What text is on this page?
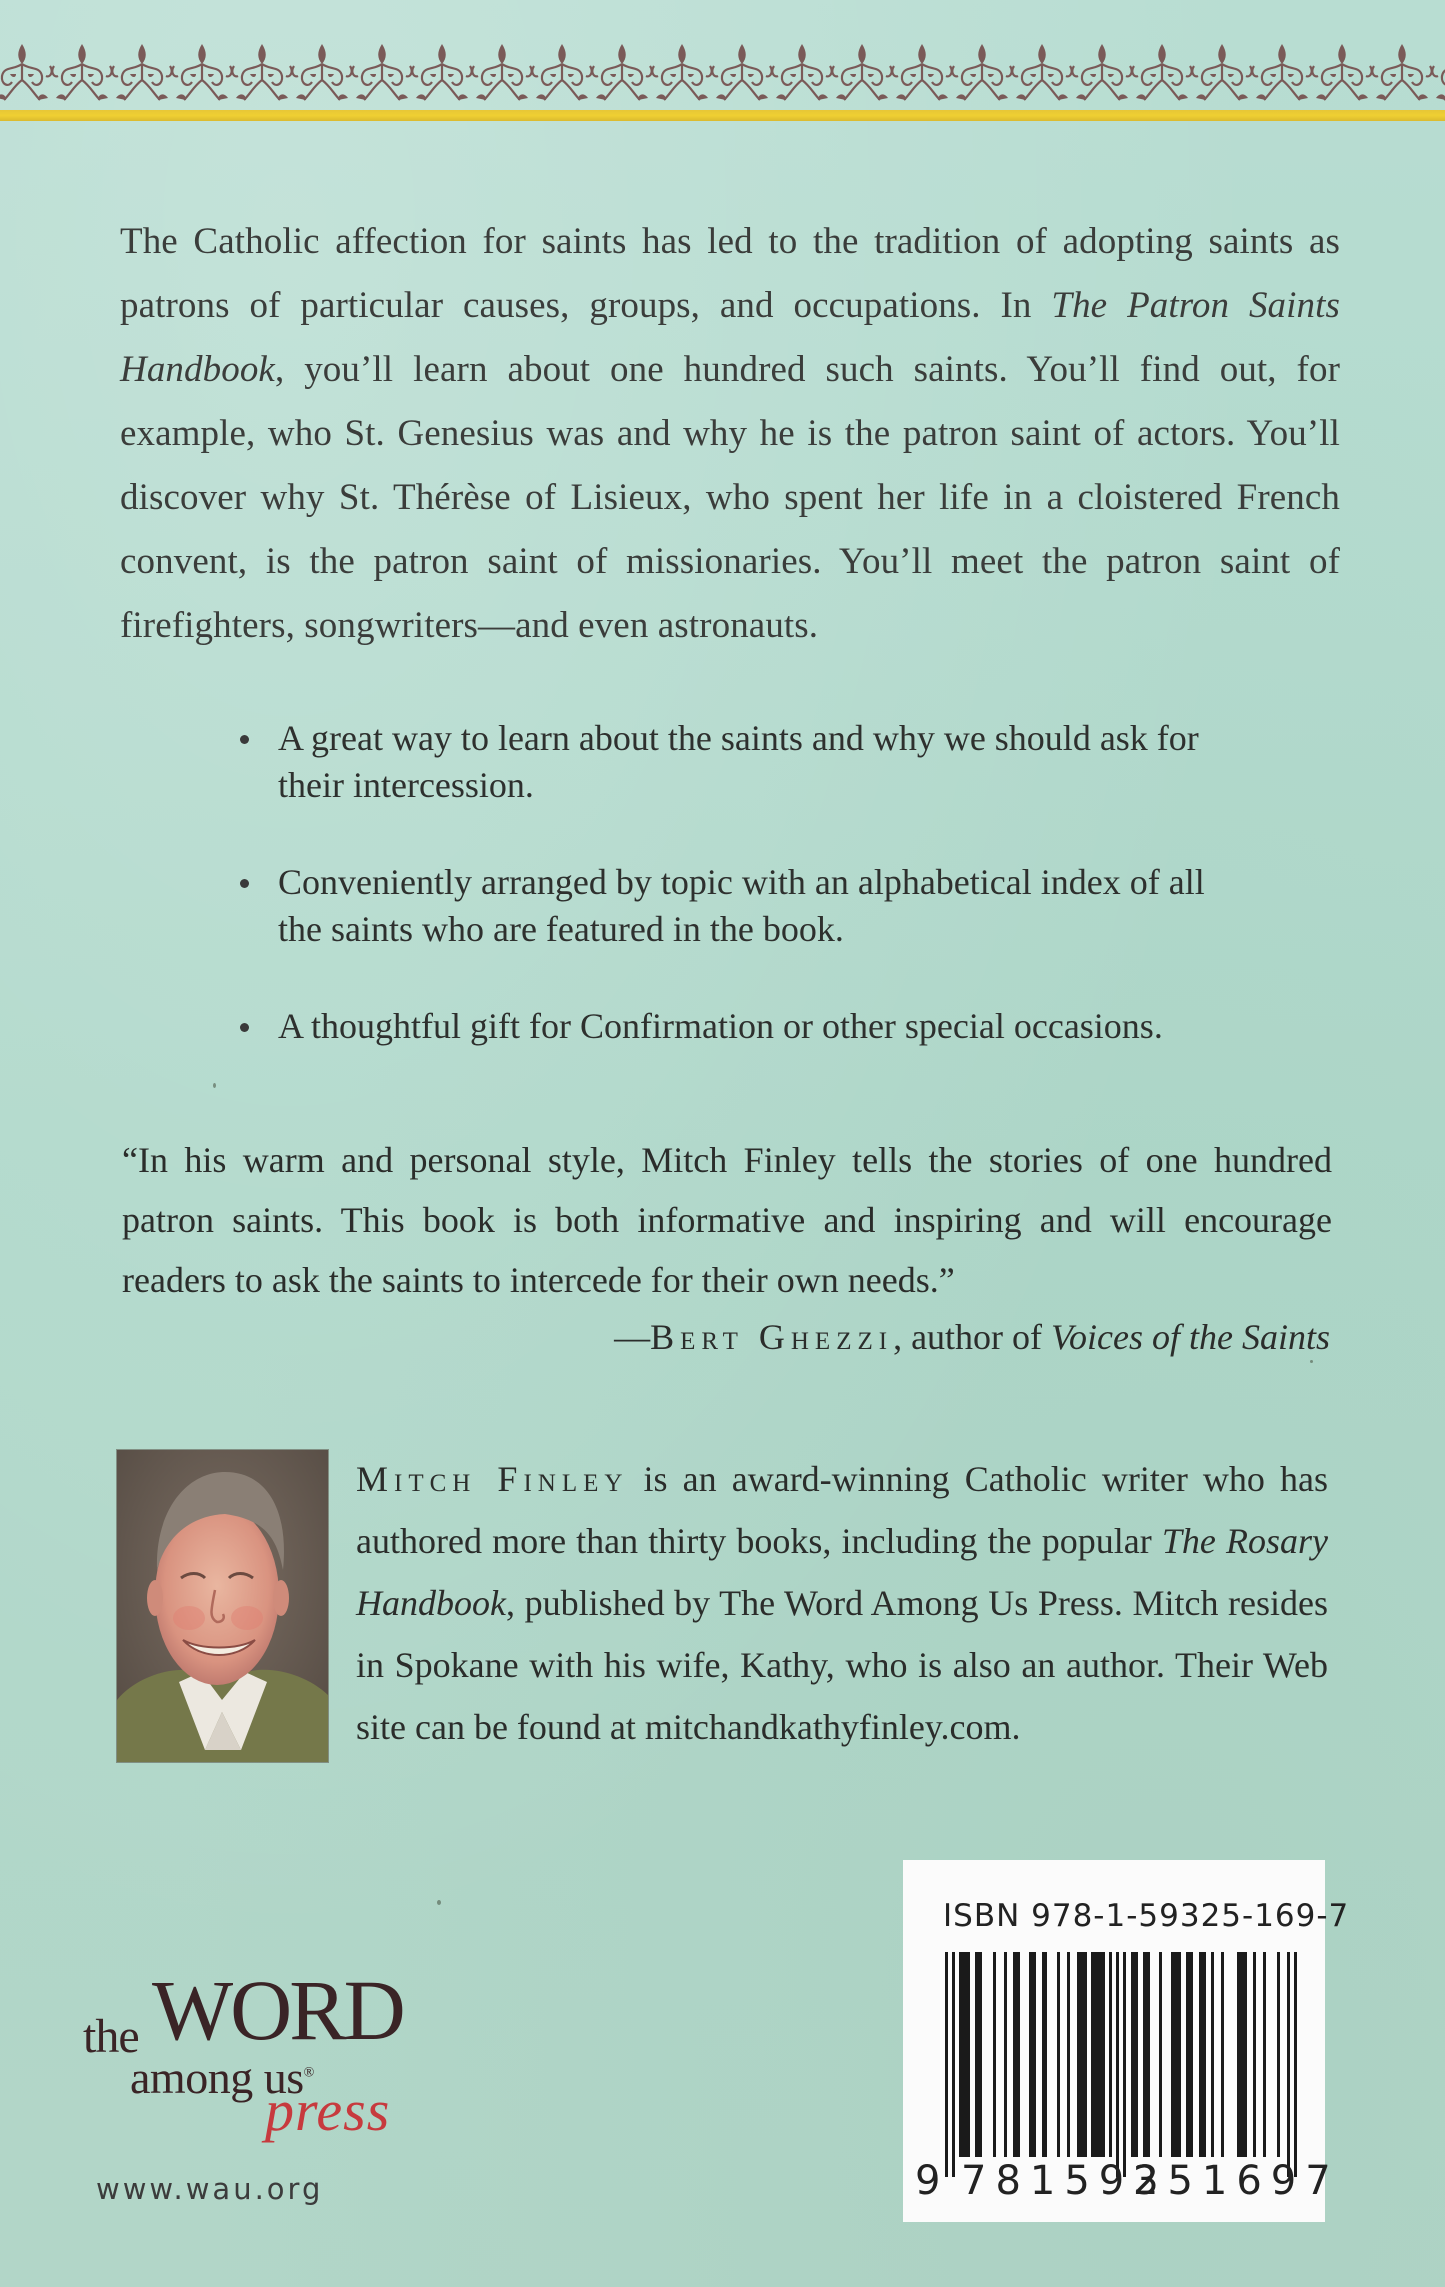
The Catholic affection for saints has led to the tradition of adopting saints as patrons of particular causes, groups, and occupations. In The Patron Saints Handbook, you’ll learn about one hundred such saints. You’ll find out, for example, who St. Genesius was and why he is the patron saint of actors. You’ll discover why St. Thérèse of Lisieux, who spent her life in a cloistered French convent, is the patron saint of missionaries. You’ll meet the patron saint of firefighters, songwriters—and even astronauts.

A great way to learn about the saints and why we should ask for their intercession.
Conveniently arranged by topic with an alphabetical index of all the saints who are featured in the book.
A thoughtful gift for Confirmation or other special occasions.

“In his warm and personal style, Mitch Finley tells the stories of one hundred patron saints. This book is both informative and inspiring and will encourage readers to ask the saints to intercede for their own needs.”

—Bert Ghezzi, author of Voices of the Saints

Mitch Finley is an award-winning Catholic writer who has authored more than thirty books, including the popular The Rosary Handbook, published by The Word Among Us Press. Mitch resides in Spokane with his wife, Kathy, who is also an author. Their Web site can be found at mitchandkathyfinley.com.

WORD
the
among us®
press
www.wau.org
ISBN 978-1-59325-169-7
9 781593
251697
